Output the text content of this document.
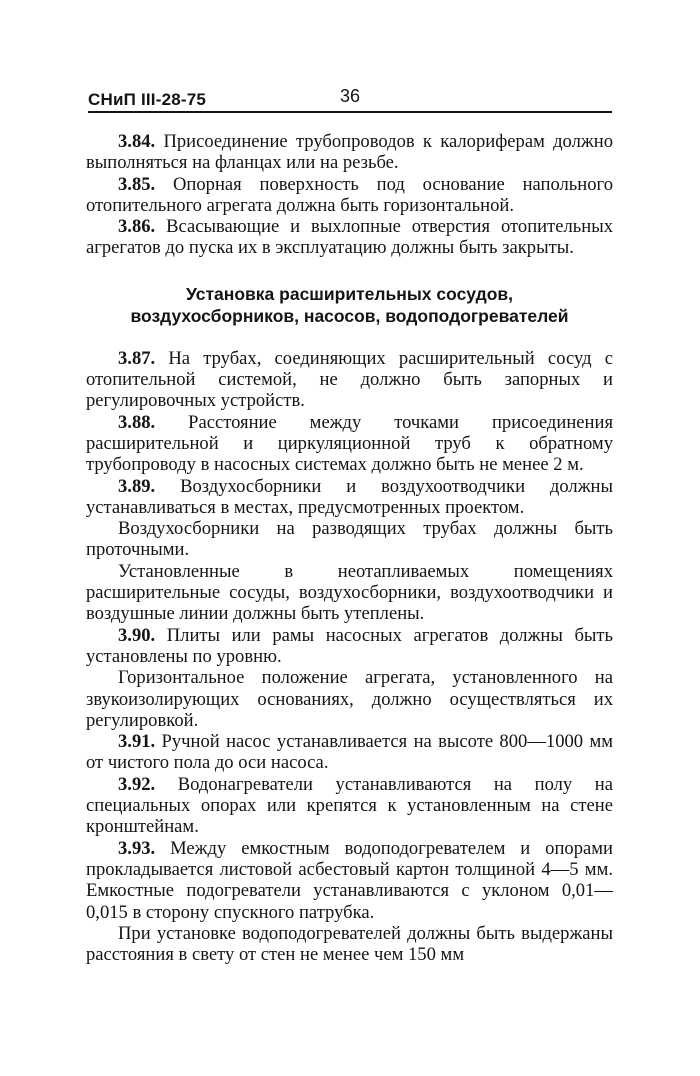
СНиП III-28-75	36

3.84. Присоединение трубопроводов к калориферам должно выполняться на фланцах или на резьбе.

3.85. Опорная поверхность под основание напольного отопительного агрегата должна быть горизонтальной.

3.86. Всасывающие и выхлопные отверстия отопительных агрегатов до пуска их в эксплуатацию должны быть закрыты.

Установка расширительных сосудов,
воздухосборников, насосов, водоподогревателей

3.87. На трубах, соединяющих расширительный сосуд с отопительной системой, не должно быть запорных и регулировочных устройств.

3.88. Расстояние между точками присоединения расширительной и циркуляционной труб к обратному трубопроводу в насосных системах должно быть не менее 2 м.

3.89. Воздухосборники и воздухоотводчики должны устанавливаться в местах, предусмотренных проектом.

Воздухосборники на разводящих трубах должны быть проточными.

Установленные в неотапливаемых помещениях расширительные сосуды, воздухосборники, воздухоотводчики и воздушные линии должны быть утеплены.

3.90. Плиты или рамы насосных агрегатов должны быть установлены по уровню.

Горизонтальное положение агрегата, установленного на звукоизолирующих основаниях, должно осуществляться их регулировкой.

3.91. Ручной насос устанавливается на высоте 800—1000 мм от чистого пола до оси насоса.

3.92. Водонагреватели устанавливаются на полу на специальных опорах или крепятся к установленным на стене кронштейнам.

3.93. Между емкостным водоподогревателем и опорами прокладывается листовой асбестовый картон толщиной 4—5 мм. Емкостные подогреватели устанавливаются с уклоном 0,01—0,015 в сторону спускного патрубка.

При установке водоподогревателей должны быть выдержаны расстояния в свету от стен не менее чем 150 мм
